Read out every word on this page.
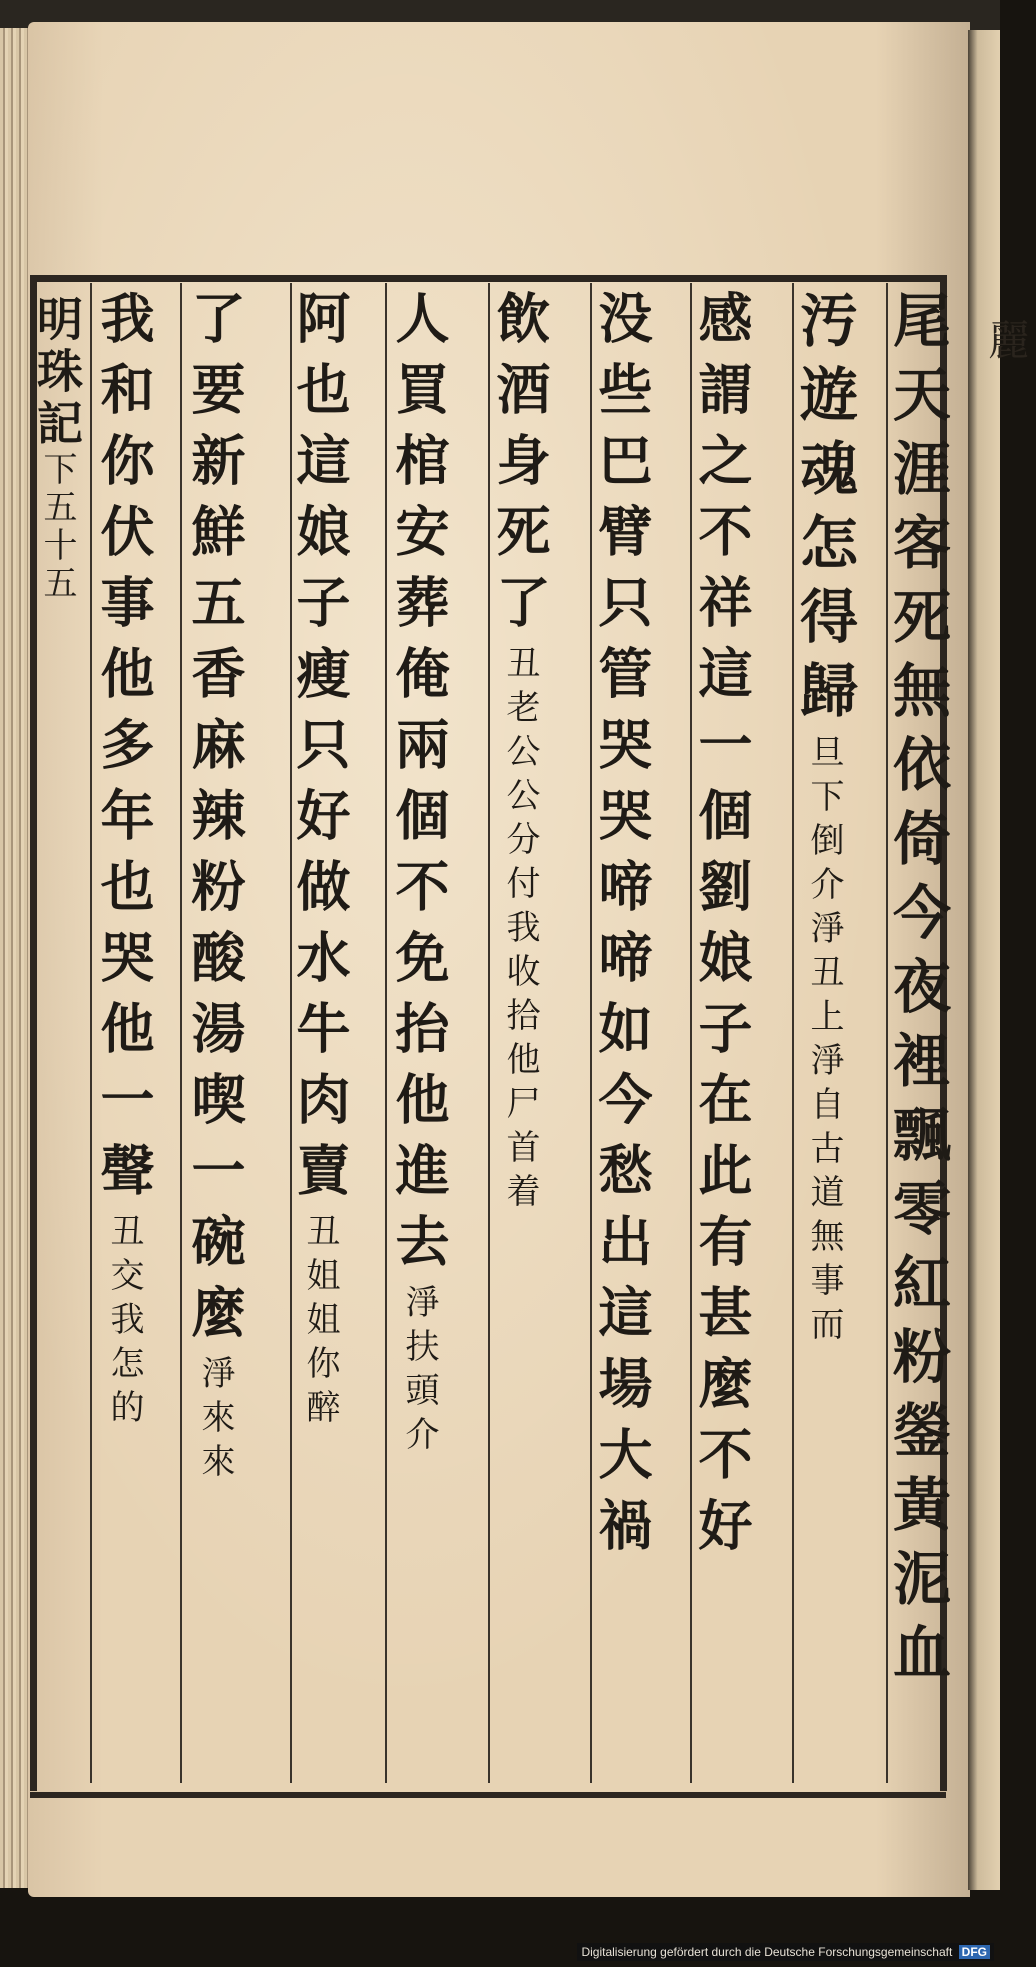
麗
明珠記下五十五	尾天涯客死無依倚今夜裡飄零紅粉鎣黃泥血
汚遊魂怎得歸旦下倒介淨丑上淨自古道無事而
感謂之不祥這一個劉娘子在此有甚麼不好
没些巴臂只管哭哭啼啼如今愁出這場大禍
飲酒身死了丑老公公分付我收拾他尸首着
人買棺安葬俺兩個不免抬他進去淨扶頭介
阿也這娘子瘦只好做水牛肉賣丑姐姐你醉
了要新鮮五香麻辣粉酸湯喫一碗麼淨來來
我和你伏事他多年也哭他一聲丑交我怎的
Digitalisierung gefördert durch die Deutsche Forschungsgemeinschaft DFG
